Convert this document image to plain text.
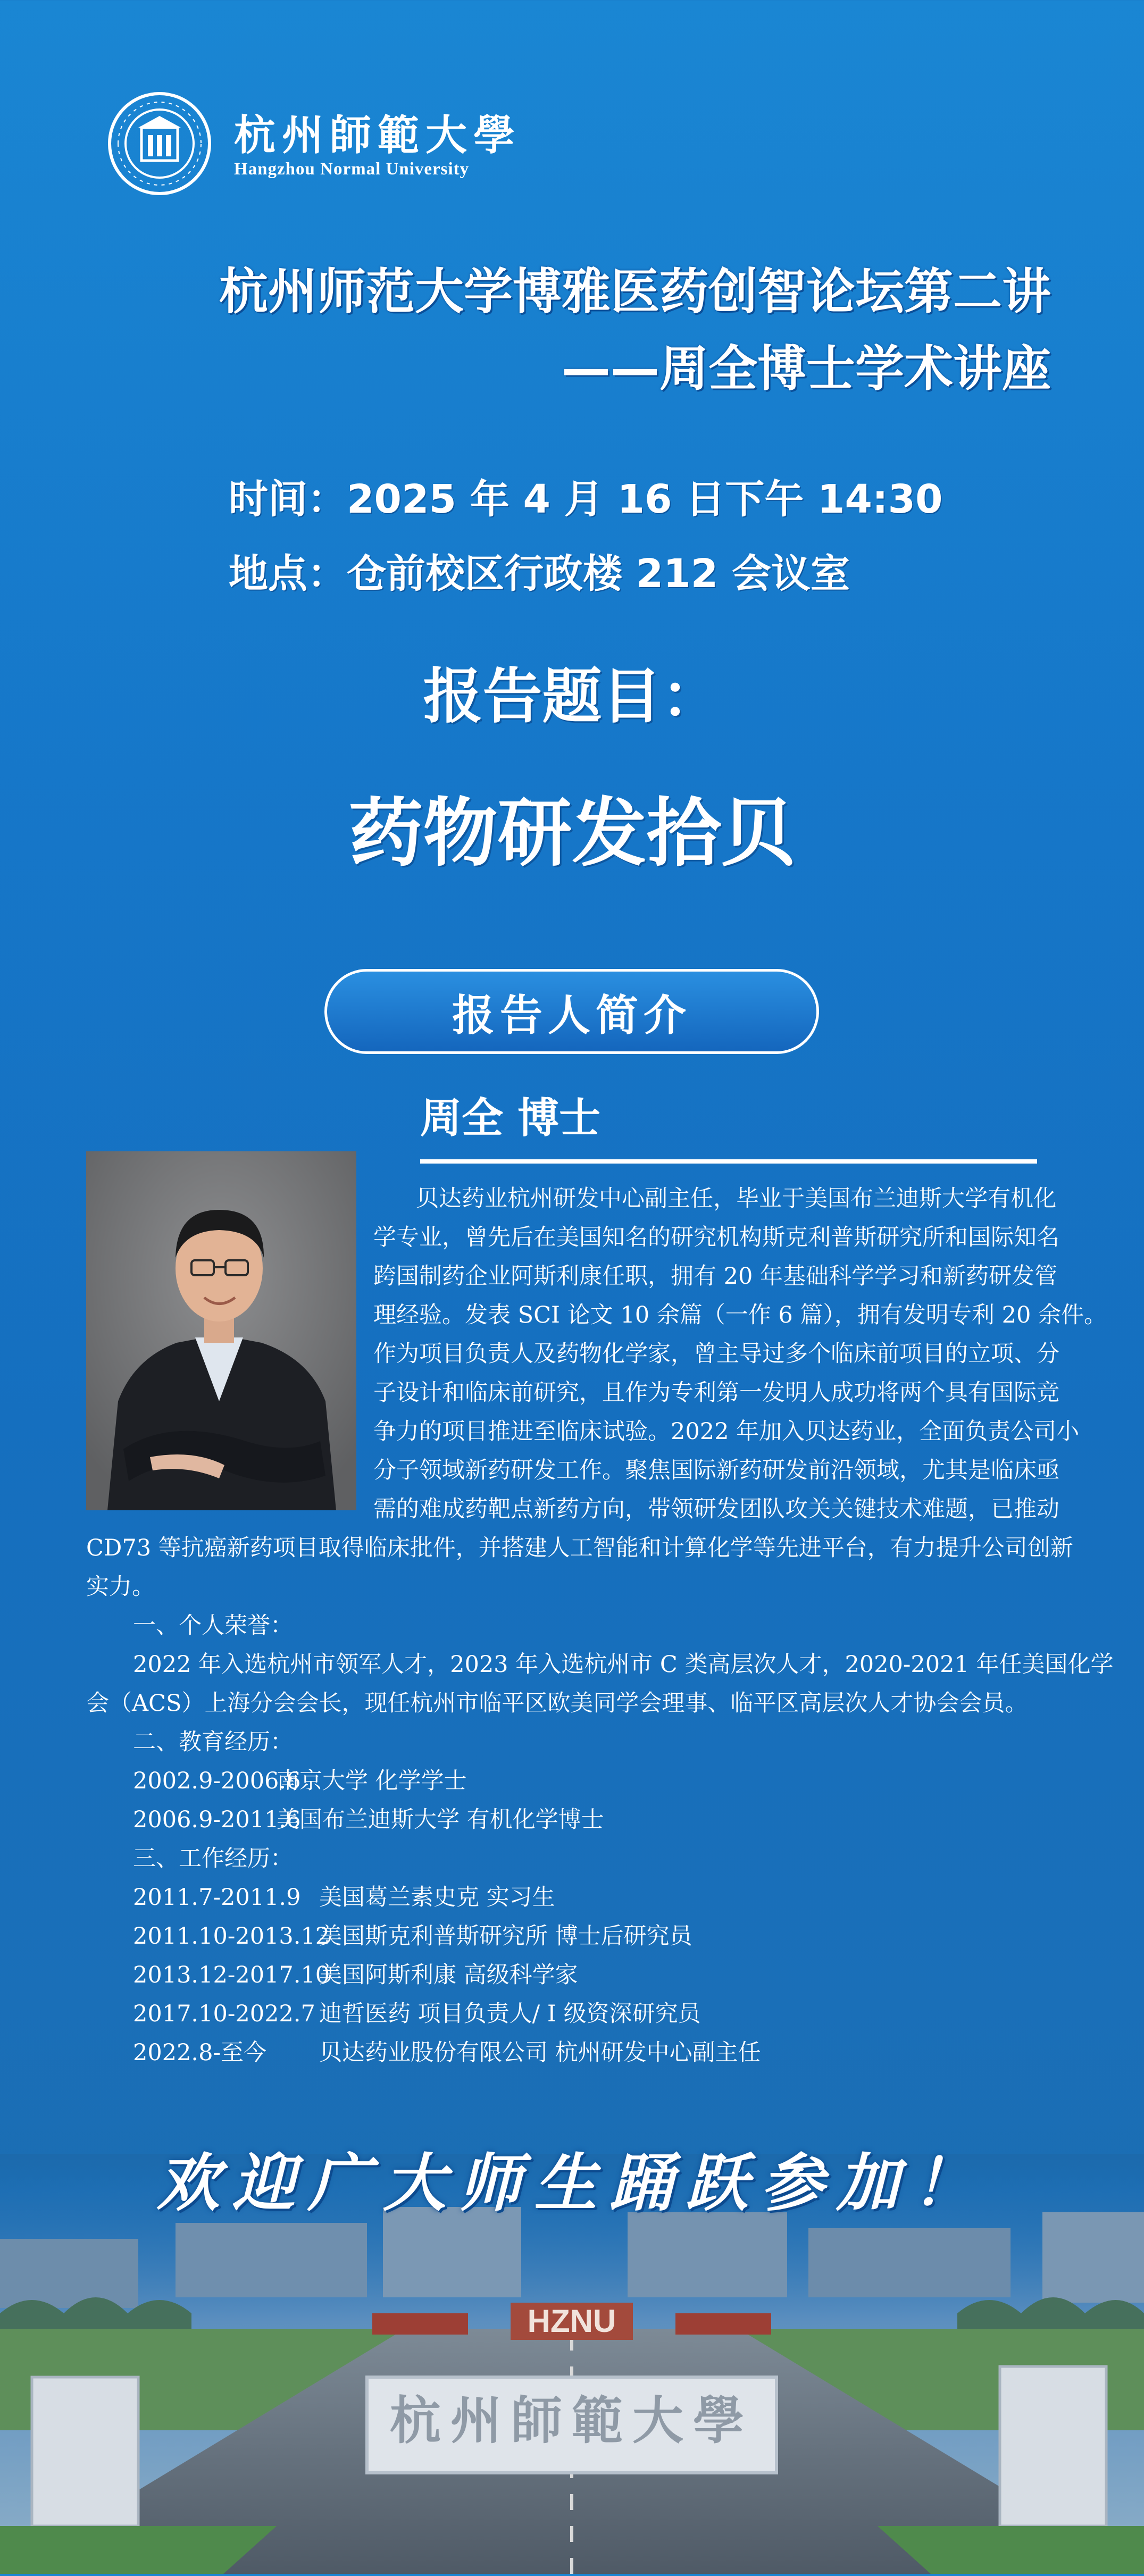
杭州師範大學
Hangzhou Normal University
杭州师范大学博雅医药创智论坛第二讲
——周全博士学术讲座
时间：2025 年 4 月 16 日下午 14:30
地点：仓前校区行政楼 212 会议室
报告题目：
药物研发拾贝
报告人简介
周全 博士
贝达药业杭州研发中心副主任，毕业于美国布兰迪斯大学有机化
学专业，曾先后在美国知名的研究机构斯克利普斯研究所和国际知名
跨国制药企业阿斯利康任职，拥有 20 年基础科学学习和新药研发管
理经验。发表 SCI 论文 10 余篇（一作 6 篇），拥有发明专利 20 余件。
作为项目负责人及药物化学家，曾主导过多个临床前项目的立项、分
子设计和临床前研究，且作为专利第一发明人成功将两个具有国际竞
争力的项目推进至临床试验。2022 年加入贝达药业，全面负责公司小
分子领域新药研发工作。聚焦国际新药研发前沿领域，尤其是临床亟
需的难成药靶点新药方向，带领研发团队攻关关键技术难题，已推动
CD73 等抗癌新药项目取得临床批件，并搭建人工智能和计算化学等先进平台，有力提升公司创新
实力。
一、个人荣誉：
2022 年入选杭州市领军人才，2023 年入选杭州市 C 类高层次人才，2020-2021 年任美国化学
会（ACS）上海分会会长，现任杭州市临平区欧美同学会理事、临平区高层次人才协会会员。
二、教育经历：
2002.9-2006.6南京大学 化学学士
2006.9-2011.6美国布兰迪斯大学 有机化学博士
三、工作经历：
2011.7-2011.9 美国葛兰素史克 实习生
2011.10-2013.12美国斯克利普斯研究所 博士后研究员
2013.12-2017.10美国阿斯利康 高级科学家
2017.10-2022.7 迪哲医药 项目负责人/ I 级资深研究员
2022.8-至今 贝达药业股份有限公司 杭州研发中心副主任
HZNU
杭州師範大學
欢迎广大师生踊跃参加！
